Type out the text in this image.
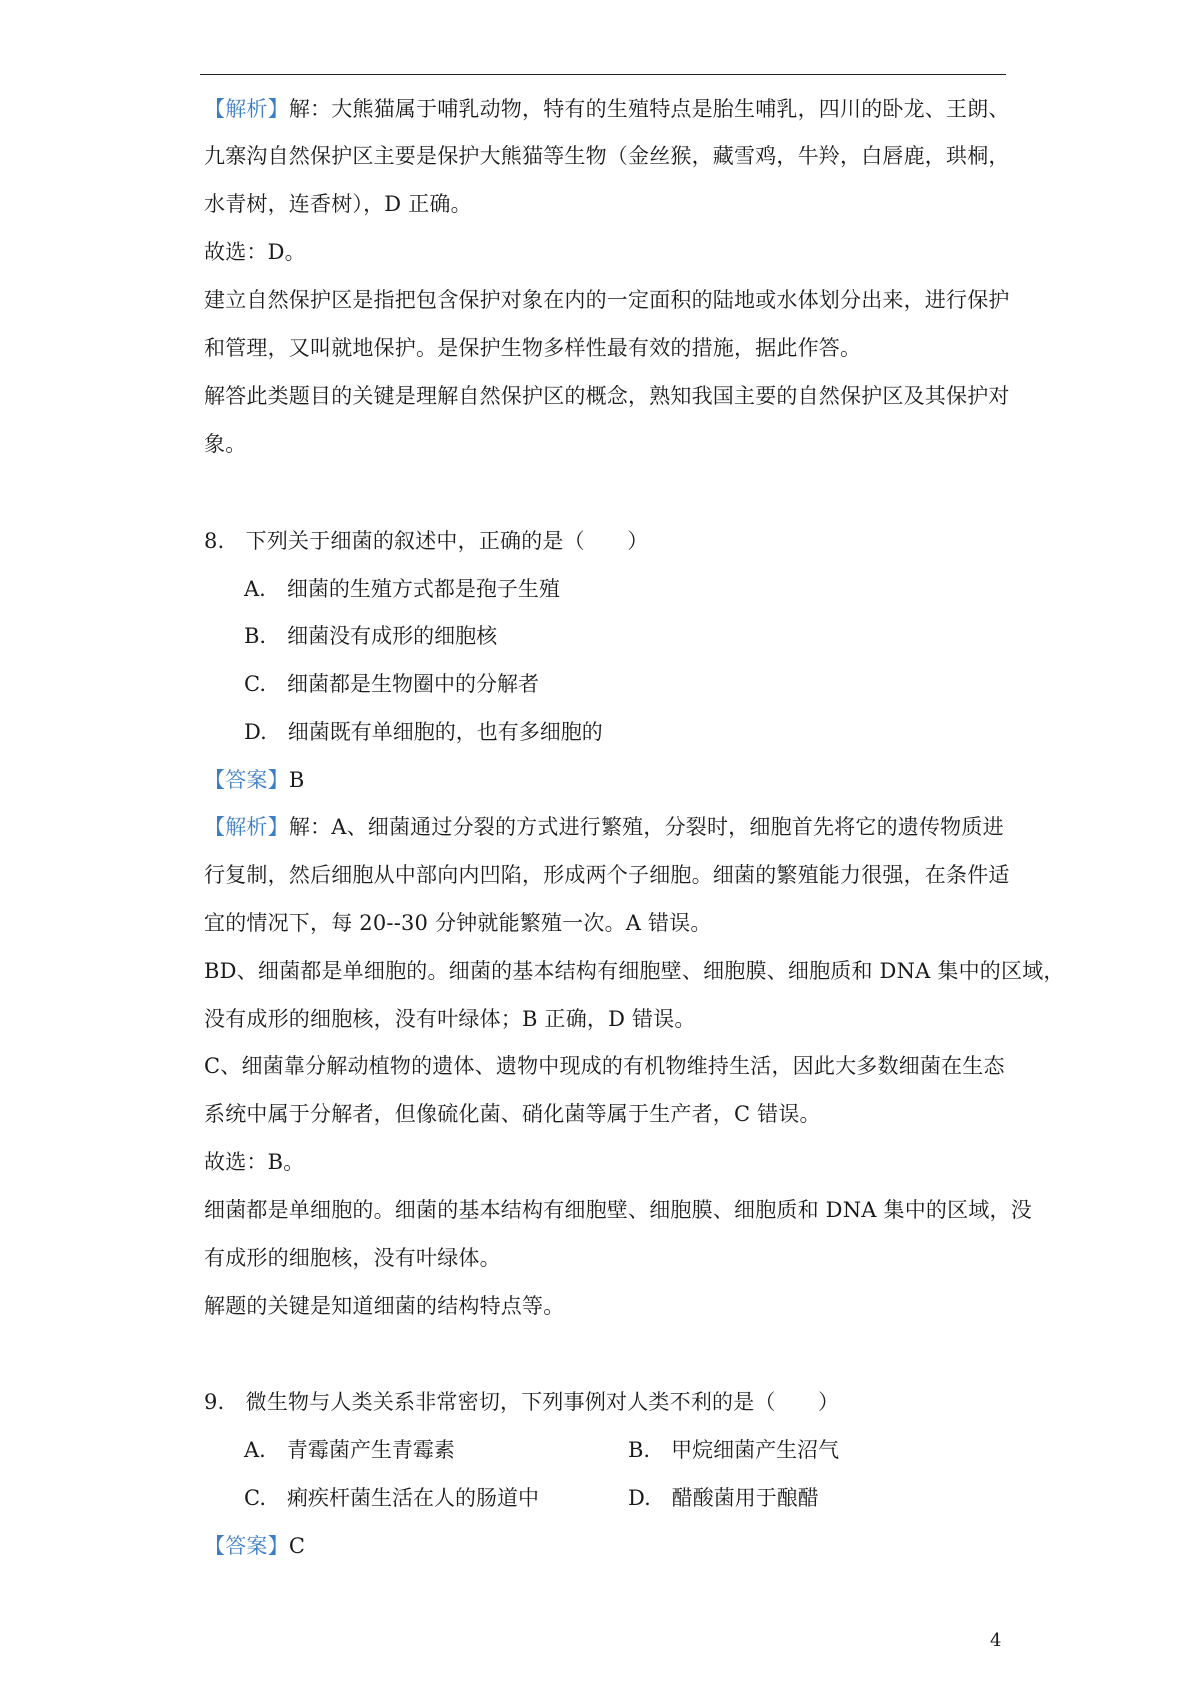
【解析】解：大熊猫属于哺乳动物，特有的生殖特点是胎生哺乳，四川的卧龙、王朗、
九寨沟自然保护区主要是保护大熊猫等生物（金丝猴，藏雪鸡，牛羚，白唇鹿，珙桐，
水青树，连香树），D 正确。
故选：D。
建立自然保护区是指把包含保护对象在内的一定面积的陆地或水体划分出来，进行保护
和管理，又叫就地保护。是保护生物多样性最有效的措施，据此作答。
解答此类题目的关键是理解自然保护区的概念，熟知我国主要的自然保护区及其保护对
象。
8.　下列关于细菌的叙述中，正确的是（　　）
A.　细菌的生殖方式都是孢子生殖
B.　细菌没有成形的细胞核
C.　细菌都是生物圈中的分解者
D.　细菌既有单细胞的，也有多细胞的
【答案】B
【解析】解：A、细菌通过分裂的方式进行繁殖，分裂时，细胞首先将它的遗传物质进
行复制，然后细胞从中部向内凹陷，形成两个子细胞。细菌的繁殖能力很强，在条件适
宜的情况下，每 20--30 分钟就能繁殖一次。A 错误。
BD、细菌都是单细胞的。细菌的基本结构有细胞壁、细胞膜、细胞质和 DNA 集中的区域，
没有成形的细胞核，没有叶绿体；B 正确，D 错误。
C、细菌靠分解动植物的遗体、遗物中现成的有机物维持生活，因此大多数细菌在生态
系统中属于分解者，但像硫化菌、硝化菌等属于生产者，C 错误。
故选：B。
细菌都是单细胞的。细菌的基本结构有细胞壁、细胞膜、细胞质和 DNA 集中的区域，没
有成形的细胞核，没有叶绿体。
解题的关键是知道细菌的结构特点等。
9.　微生物与人类关系非常密切，下列事例对人类不利的是（　　）
A.　青霉菌产生青霉素	B.　甲烷细菌产生沼气
C.　痢疾杆菌生活在人的肠道中	D.　醋酸菌用于酿醋
【答案】C
4
